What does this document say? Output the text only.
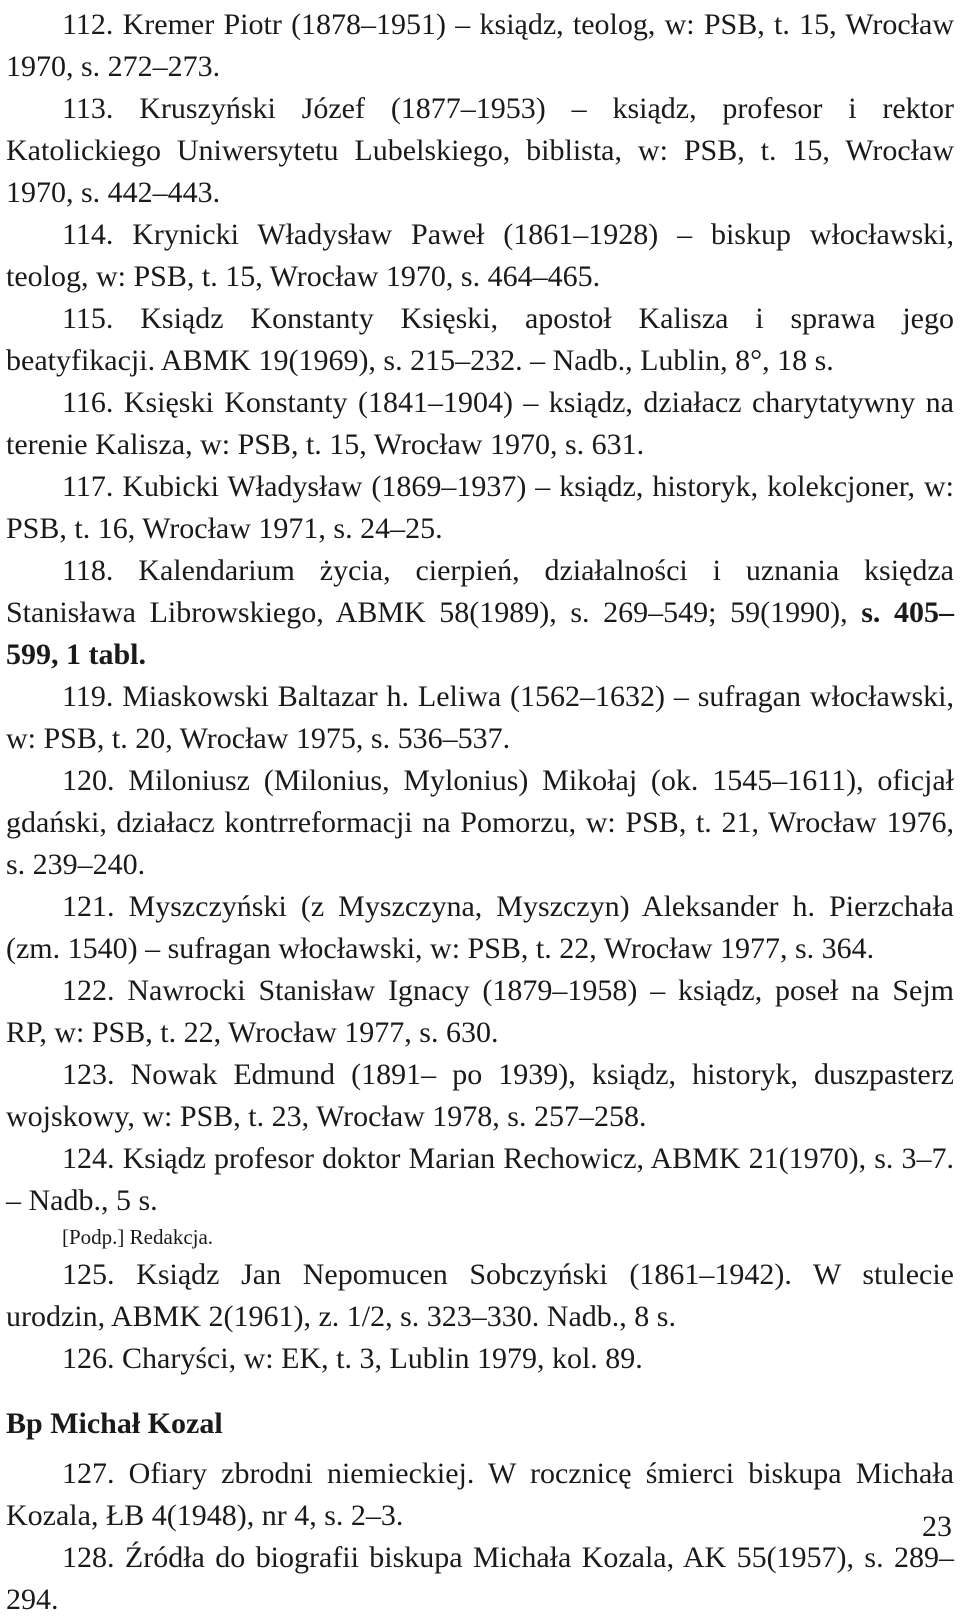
112. Kremer Piotr (1878–1951) – ksiądz, teolog, w: PSB, t. 15, Wrocław 1970, s. 272–273.

113. Kruszyński Józef (1877–1953) – ksiądz, profesor i rektor Katolickiego Uniwersytetu Lubelskiego, biblista, w: PSB, t. 15, Wrocław 1970, s. 442–443.

114. Krynicki Władysław Paweł (1861–1928) – biskup włocławski, teolog, w: PSB, t. 15, Wrocław 1970, s. 464–465.

115. Ksiądz Konstanty Księski, apostoł Kalisza i sprawa jego beatyfikacji. ABMK 19(1969), s. 215–232. – Nadb., Lublin, 8°, 18 s.

116. Księski Konstanty (1841–1904) – ksiądz, działacz charytatywny na terenie Kalisza, w: PSB, t. 15, Wrocław 1970, s. 631.

117. Kubicki Władysław (1869–1937) – ksiądz, historyk, kolekcjoner, w: PSB, t. 16, Wrocław 1971, s. 24–25.

118. Kalendarium życia, cierpień, działalności i uznania księdza Stanisława Librowskiego, ABMK 58(1989), s. 269–549; 59(1990), s. 405–599, 1 tabl.

119. Miaskowski Baltazar h. Leliwa (1562–1632) – sufragan włocławski, w: PSB, t. 20, Wrocław 1975, s. 536–537.

120. Miloniusz (Milonius, Mylonius) Mikołaj (ok. 1545–1611), oficjał gdański, działacz kontrreformacji na Pomorzu, w: PSB, t. 21, Wrocław 1976, s. 239–240.

121. Myszczyński (z Myszczyna, Myszczyn) Aleksander h. Pierzchała (zm. 1540) – sufragan włocławski, w: PSB, t. 22, Wrocław 1977, s. 364.

122. Nawrocki Stanisław Ignacy (1879–1958) – ksiądz, poseł na Sejm RP, w: PSB, t. 22, Wrocław 1977, s. 630.

123. Nowak Edmund (1891– po 1939), ksiądz, historyk, duszpasterz wojskowy, w: PSB, t. 23, Wrocław 1978, s. 257–258.

124. Ksiądz profesor doktor Marian Rechowicz, ABMK 21(1970), s. 3–7. – Nadb., 5 s.

[Podp.] Redakcja.

125. Ksiądz Jan Nepomucen Sobczyński (1861–1942). W stulecie urodzin, ABMK 2(1961), z. 1/2, s. 323–330. Nadb., 8 s.

126. Charyści, w: EK, t. 3, Lublin 1979, kol. 89.

Bp Michał Kozal

127. Ofiary zbrodni niemieckiej. W rocznicę śmierci biskupa Michała Kozala, ŁB 4(1948), nr 4, s. 2–3.

128. Źródła do biografii biskupa Michała Kozala, AK 55(1957), s. 289–294.

23
